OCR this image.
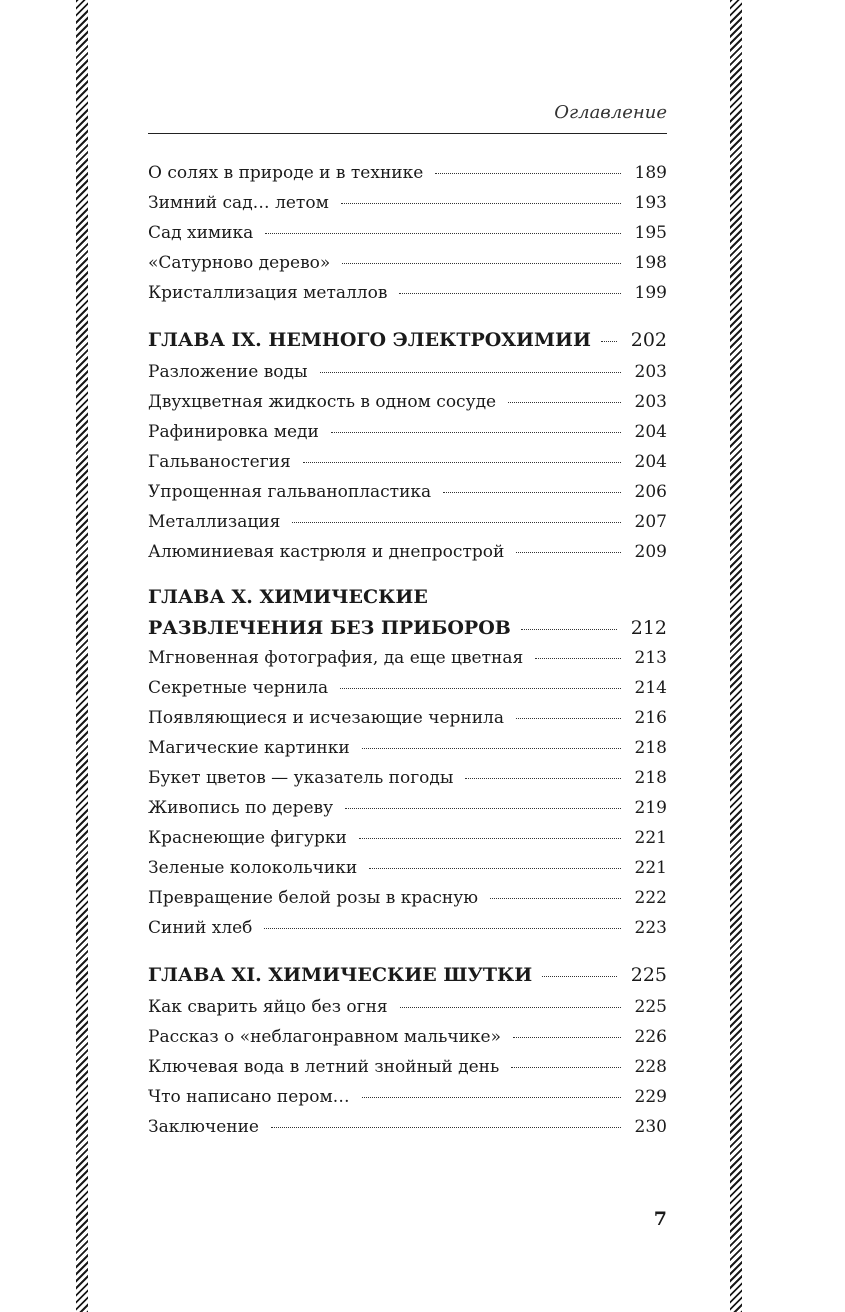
Оглавление
О солях в природе и в технике	189
Зимний сад… летом	193
Сад химика	195
«Сатурново дерево»	198
Кристаллизация металлов	199
ГЛАВА IX. НЕМНОГО ЭЛЕКТРОХИМИИ 202
Разложение воды	203
Двухцветная жидкость в одном сосуде	203
Рафинировка меди	204
Гальваностегия	204
Упрощенная гальванопластика	206
Металлизация	207
Алюминиевая кастрюля и днепрострой	209
ГЛАВА X. ХИМИЧЕСКИЕ
РАЗВЛЕЧЕНИЯ БЕЗ ПРИБОРОВ	212
Мгновенная фотография, да еще цветная	213
Секретные чернила	214
Появляющиеся и исчезающие чернила	216
Магические картинки	218
Букет цветов — указатель погоды	218
Живопись по дереву	219
Краснеющие фигурки	221
Зеленые колокольчики	221
Превращение белой розы в красную	222
Синий хлеб	223
ГЛАВА XI. ХИМИЧЕСКИЕ ШУТКИ	225
Как сварить яйцо без огня	225
Рассказ о «неблагонравном мальчике»	226
Ключевая вода в летний знойный день	228
Что написано пером…	229
Заключение	230
7
